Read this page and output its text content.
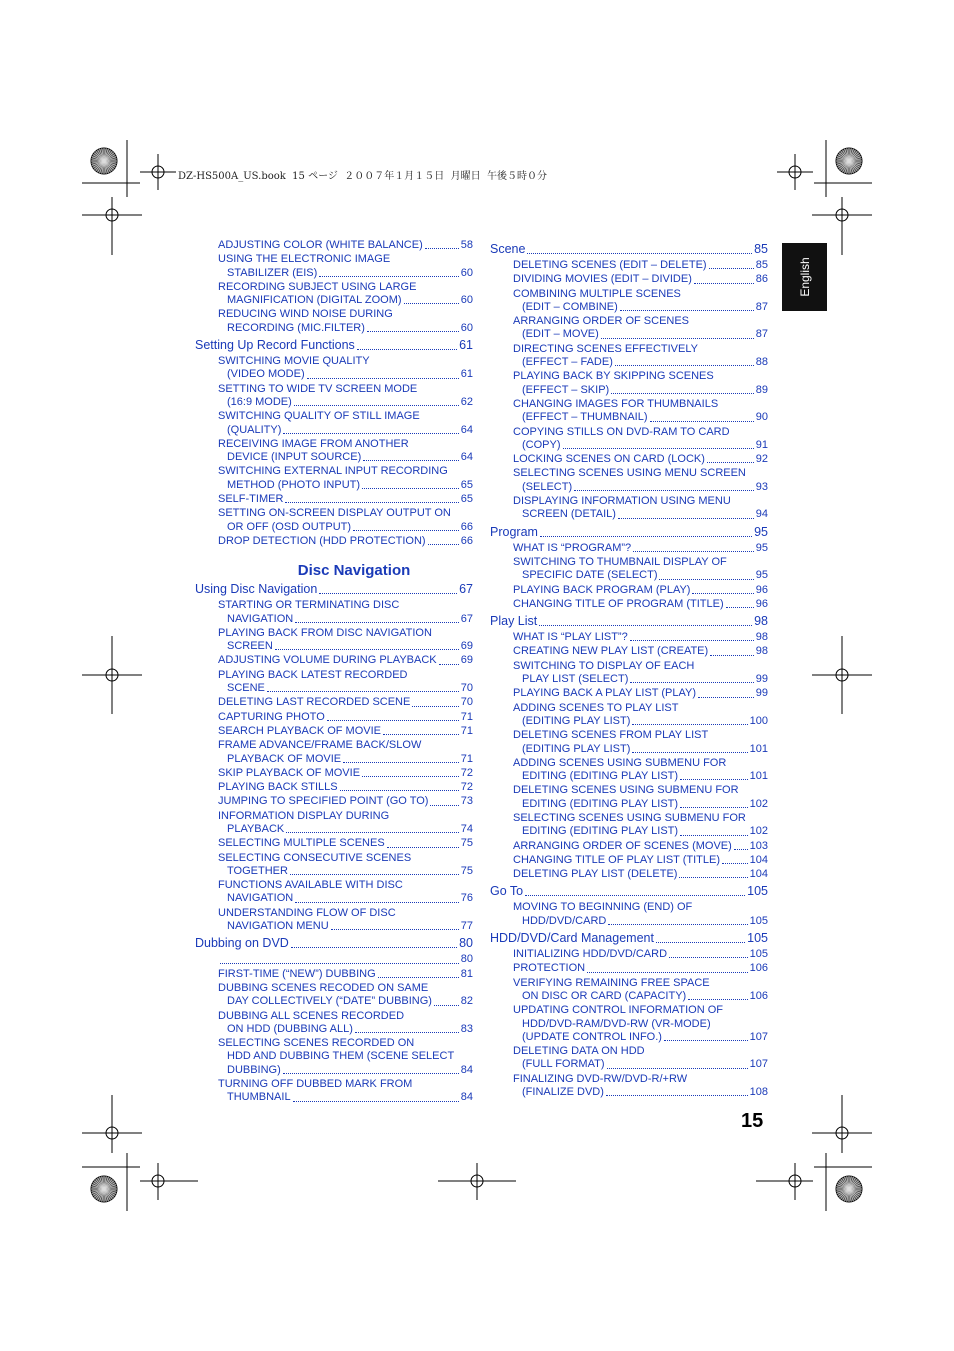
DZ-HS500A_US.book  15 ページ  ２００７年１月１５日  月曜日  午後５時０分
English
ADJUSTING COLOR (WHITE BALANCE)	58
USING THE ELECTRONIC IMAGE
STABILIZER (EIS)	60
RECORDING SUBJECT USING LARGE
MAGNIFICATION (DIGITAL ZOOM)	60
REDUCING WIND NOISE DURING
RECORDING (MIC.FILTER)	60
Setting Up Record Functions	61
SWITCHING MOVIE QUALITY
(VIDEO MODE)	61
SETTING TO WIDE TV SCREEN MODE
(16:9 MODE)	62
SWITCHING QUALITY OF STILL IMAGE
(QUALITY)	64
RECEIVING IMAGE FROM ANOTHER
DEVICE (INPUT SOURCE)	64
SWITCHING EXTERNAL INPUT RECORDING
METHOD (PHOTO INPUT)	65
SELF-TIMER	65
SETTING ON-SCREEN DISPLAY OUTPUT ON
OR OFF (OSD OUTPUT)	66
DROP DETECTION (HDD PROTECTION)	66
Disc Navigation
Using Disc Navigation	67
STARTING OR TERMINATING DISC
NAVIGATION	67
PLAYING BACK FROM DISC NAVIGATION
SCREEN	69
ADJUSTING VOLUME DURING PLAYBACK 69
PLAYING BACK LATEST RECORDED
SCENE	70
DELETING LAST RECORDED SCENE	70
CAPTURING PHOTO	71
SEARCH PLAYBACK OF MOVIE	71
FRAME ADVANCE/FRAME BACK/SLOW
PLAYBACK OF MOVIE	71
SKIP PLAYBACK OF MOVIE	72
PLAYING BACK STILLS	72
JUMPING TO SPECIFIED POINT (GO TO)	73
INFORMATION DISPLAY DURING
PLAYBACK	74
SELECTING MULTIPLE SCENES	75
SELECTING CONSECUTIVE SCENES
TOGETHER	75
FUNCTIONS AVAILABLE WITH DISC
NAVIGATION	76
UNDERSTANDING FLOW OF DISC
NAVIGATION MENU	77
Dubbing on DVD	80
80
FIRST-TIME (“NEW”) DUBBING	81
DUBBING SCENES RECODED ON SAME
DAY COLLECTIVELY (“DATE” DUBBING)	82
DUBBING ALL SCENES RECORDED
ON HDD (DUBBING ALL)	83
SELECTING SCENES RECORDED ON
HDD AND DUBBING THEM (SCENE SELECT
DUBBING)	84
TURNING OFF DUBBED MARK FROM
THUMBNAIL	84
Scene	85
DELETING SCENES (EDIT – DELETE)	85
DIVIDING MOVIES (EDIT – DIVIDE)	86
COMBINING MULTIPLE SCENES
(EDIT – COMBINE)	87
ARRANGING ORDER OF SCENES
(EDIT – MOVE)	87
DIRECTING SCENES EFFECTIVELY
(EFFECT – FADE)	88
PLAYING BACK BY SKIPPING SCENES
(EFFECT – SKIP)	89
CHANGING IMAGES FOR THUMBNAILS
(EFFECT – THUMBNAIL)	90
COPYING STILLS ON DVD-RAM TO CARD
(COPY)	91
LOCKING SCENES ON CARD (LOCK)	92
SELECTING SCENES USING MENU SCREEN
(SELECT)	93
DISPLAYING INFORMATION USING MENU
SCREEN (DETAIL)	94
Program	95
WHAT IS “PROGRAM”?	95
SWITCHING TO THUMBNAIL DISPLAY OF
SPECIFIC DATE (SELECT)	95
PLAYING BACK PROGRAM (PLAY)	96
CHANGING TITLE OF PROGRAM (TITLE)	96
Play List	98
WHAT IS “PLAY LIST”?	98
CREATING NEW PLAY LIST (CREATE)	98
SWITCHING TO DISPLAY OF EACH
PLAY LIST (SELECT)	99
PLAYING BACK A PLAY LIST (PLAY)	99
ADDING SCENES TO PLAY LIST
(EDITING PLAY LIST)	100
DELETING SCENES FROM PLAY LIST
(EDITING PLAY LIST)	101
ADDING SCENES USING SUBMENU FOR
EDITING (EDITING PLAY LIST)	101
DELETING SCENES USING SUBMENU FOR
EDITING (EDITING PLAY LIST)	102
SELECTING SCENES USING SUBMENU FOR
EDITING (EDITING PLAY LIST)	102
ARRANGING ORDER OF SCENES (MOVE) 103
CHANGING TITLE OF PLAY LIST (TITLE)	104
DELETING PLAY LIST (DELETE)	104
Go To	105
MOVING TO BEGINNING (END) OF
HDD/DVD/CARD	105
HDD/DVD/Card Management	105
INITIALIZING HDD/DVD/CARD	105
PROTECTION	106
VERIFYING REMAINING FREE SPACE
ON DISC OR CARD (CAPACITY)	106
UPDATING CONTROL INFORMATION OF
HDD/DVD-RAM/DVD-RW (VR-MODE)
(UPDATE CONTROL INFO.)	107
DELETING DATA ON HDD
(FULL FORMAT)	107
FINALIZING DVD-RW/DVD-R/+RW
(FINALIZE DVD)	108
15
